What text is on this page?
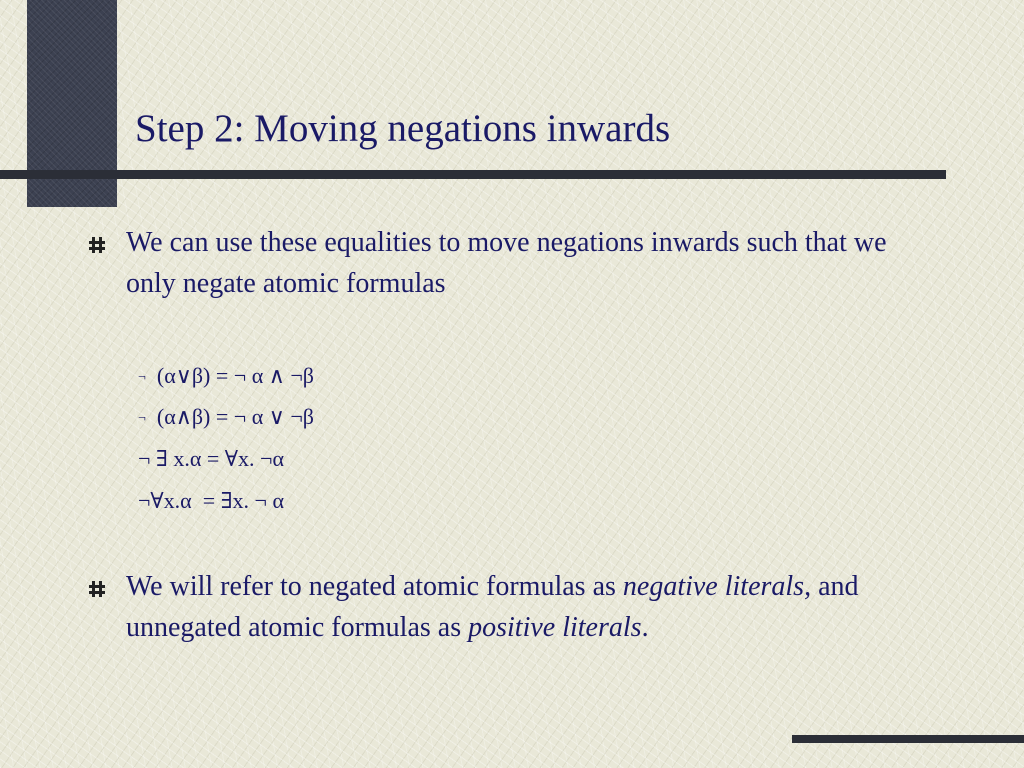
Step 2: Moving negations inwards

We can use these equalities to move negations inwards such that we only negate atomic formulas

¬ (α∨β) = ¬ α ∧ ¬β

¬ (α∧β) = ¬ α ∨ ¬β

¬ ∃ x.α = ∀x. ¬α

¬∀x.α  = ∃x. ¬ α

We will refer to negated atomic formulas as negative literals, and unnegated atomic formulas as positive literals.
